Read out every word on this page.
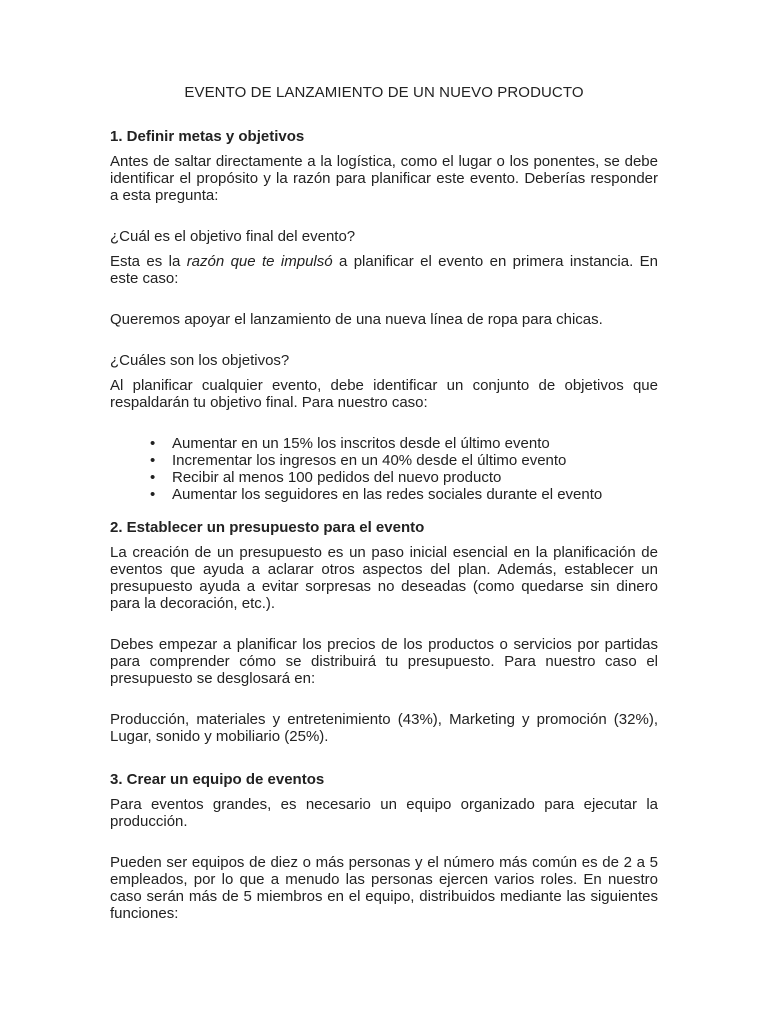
EVENTO DE LANZAMIENTO DE UN NUEVO PRODUCTO
1. Definir metas y objetivos

Antes de saltar directamente a la logística, como el lugar o los ponentes, se debe identificar el propósito y la razón para planificar este evento. Deberías responder a esta pregunta:

¿Cuál es el objetivo final del evento?

Esta es la razón que te impulsó a planificar el evento en primera instancia. En este caso:

Queremos apoyar el lanzamiento de una nueva línea de ropa para chicas.

¿Cuáles son los objetivos?

Al planificar cualquier evento, debe identificar un conjunto de objetivos que respaldarán tu objetivo final. Para nuestro caso:

• Aumentar en un 15% los inscritos desde el último evento
• Incrementar los ingresos en un 40% desde el último evento
• Recibir al menos 100 pedidos del nuevo producto
• Aumentar los seguidores en las redes sociales durante el evento
2. Establecer un presupuesto para el evento

La creación de un presupuesto es un paso inicial esencial en la planificación de eventos que ayuda a aclarar otros aspectos del plan. Además, establecer un presupuesto ayuda a evitar sorpresas no deseadas (como quedarse sin dinero para la decoración, etc.).

Debes empezar a planificar los precios de los productos o servicios por partidas para comprender cómo se distribuirá tu presupuesto. Para nuestro caso el presupuesto se desglosará en:

Producción, materiales y entretenimiento (43%), Marketing y promoción (32%), Lugar, sonido y mobiliario (25%).

3. Crear un equipo de eventos

Para eventos grandes, es necesario un equipo organizado para ejecutar la producción.

Pueden ser equipos de diez o más personas y el número más común es de 2 a 5 empleados, por lo que a menudo las personas ejercen varios roles. En nuestro caso serán más de 5 miembros en el equipo, distribuidos mediante las siguientes funciones:
